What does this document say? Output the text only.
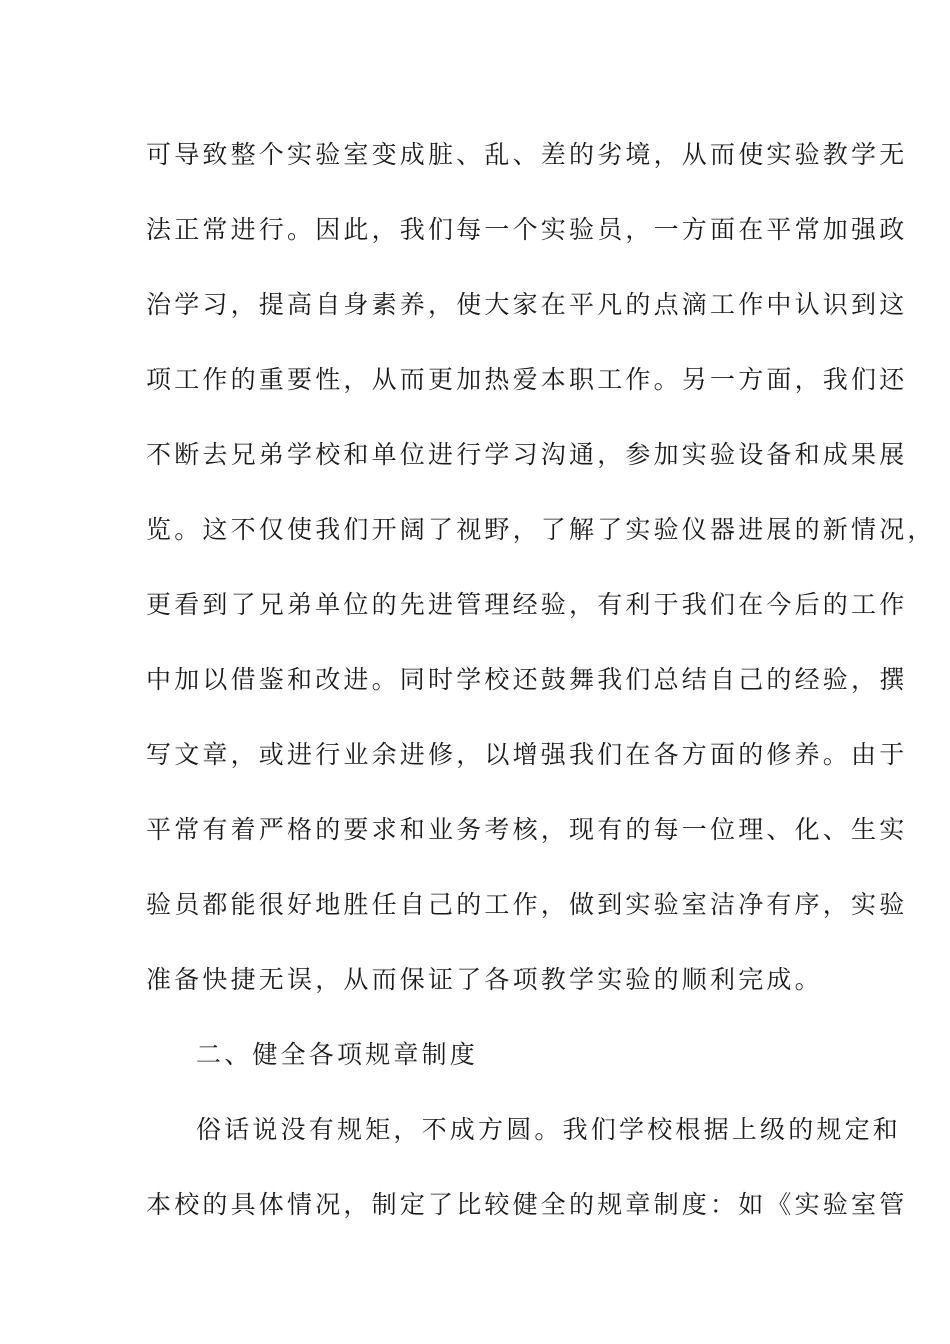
可导致整个实验室变成脏、乱、差的劣境，从而使实验教学无
法正常进行。因此，我们每一个实验员，一方面在平常加强政
治学习，提高自身素养，使大家在平凡的点滴工作中认识到这
项工作的重要性，从而更加热爱本职工作。另一方面，我们还
不断去兄弟学校和单位进行学习沟通，参加实验设备和成果展
览。这不仅使我们开阔了视野，了解了实验仪器进展的新情况，
更看到了兄弟单位的先进管理经验，有利于我们在今后的工作
中加以借鉴和改进。同时学校还鼓舞我们总结自己的经验，撰
写文章，或进行业余进修，以增强我们在各方面的修养。由于
平常有着严格的要求和业务考核，现有的每一位理、化、生实
验员都能很好地胜任自己的工作，做到实验室洁净有序，实验
准备快捷无误，从而保证了各项教学实验的顺利完成。
二、健全各项规章制度
俗话说没有规矩，不成方圆。我们学校根据上级的规定和
本校的具体情况，制定了比较健全的规章制度：如《实验室管
